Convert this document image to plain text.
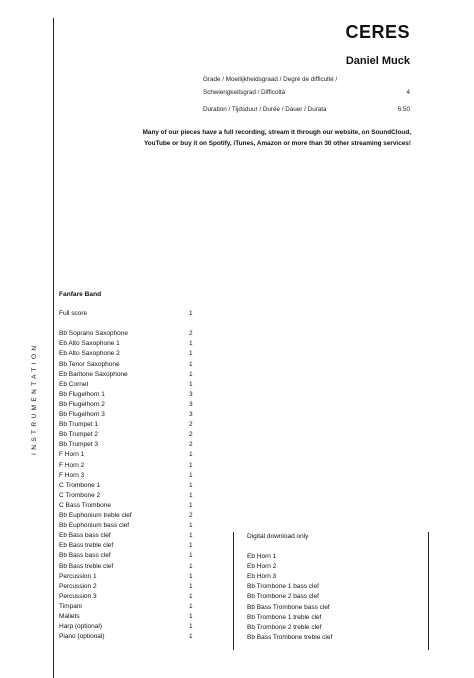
CERES
Daniel Muck
Grade / Moeilijkheidsgraad / Degré de difficulté /
Schwierigkeitsgrad / Difficoltà	4
Duration / Tijdsduur / Durée / Dauer / Durata	6:50
Many of our pieces have a full recording, stream it through our website, on SoundCloud,
YouTube or buy it on Spotify, iTunes, Amazon or more than 30 other streaming services!
INSTRUMENTATION
Fanfare Band
Full score	1
Bb Soprano Saxophone	2
Eb Alto Saxophone 1	1
Eb Alto Saxophone 2	1
Bb Tenor Saxophone	1
Eb Baritone Saxophone	1
Eb Cornet	1
Bb Flugelhorn 1	3
Bb Flugelhorn 2	3
Bb Flugelhorn 3	3
Bb Trumpet 1	2
Bb Trumpet 2	2
Bb Trumpet 3	2
F Horn 1	1
F Horn 2	1
F Horn 3	1
C Trombone 1	1
C Trombone 2	1
C Bass Trombone	1
Bb Euphonium treble clef	2
Bb Euphonium bass clef	1
Eb Bass bass clef	1
Eb Bass treble clef	1
Bb Bass bass clef	1
Bb Bass treble clef	1
Percussion 1	1
Percussion 2	1
Percussion 3	1
Timpani	1
Mallets	1
Harp (optional)	1
Piano (optional)	1
Digital download only
Eb Horn 1
Eb Horn 2
Eb Horn 3
Bb Trombone 1 bass clef
Bb Trombone 2 bass clef
Bb Bass Trombone bass clef
Bb Trombone 1 treble clef
Bb Trombone 2 treble clef
Bb Bass Trombone treble clef
